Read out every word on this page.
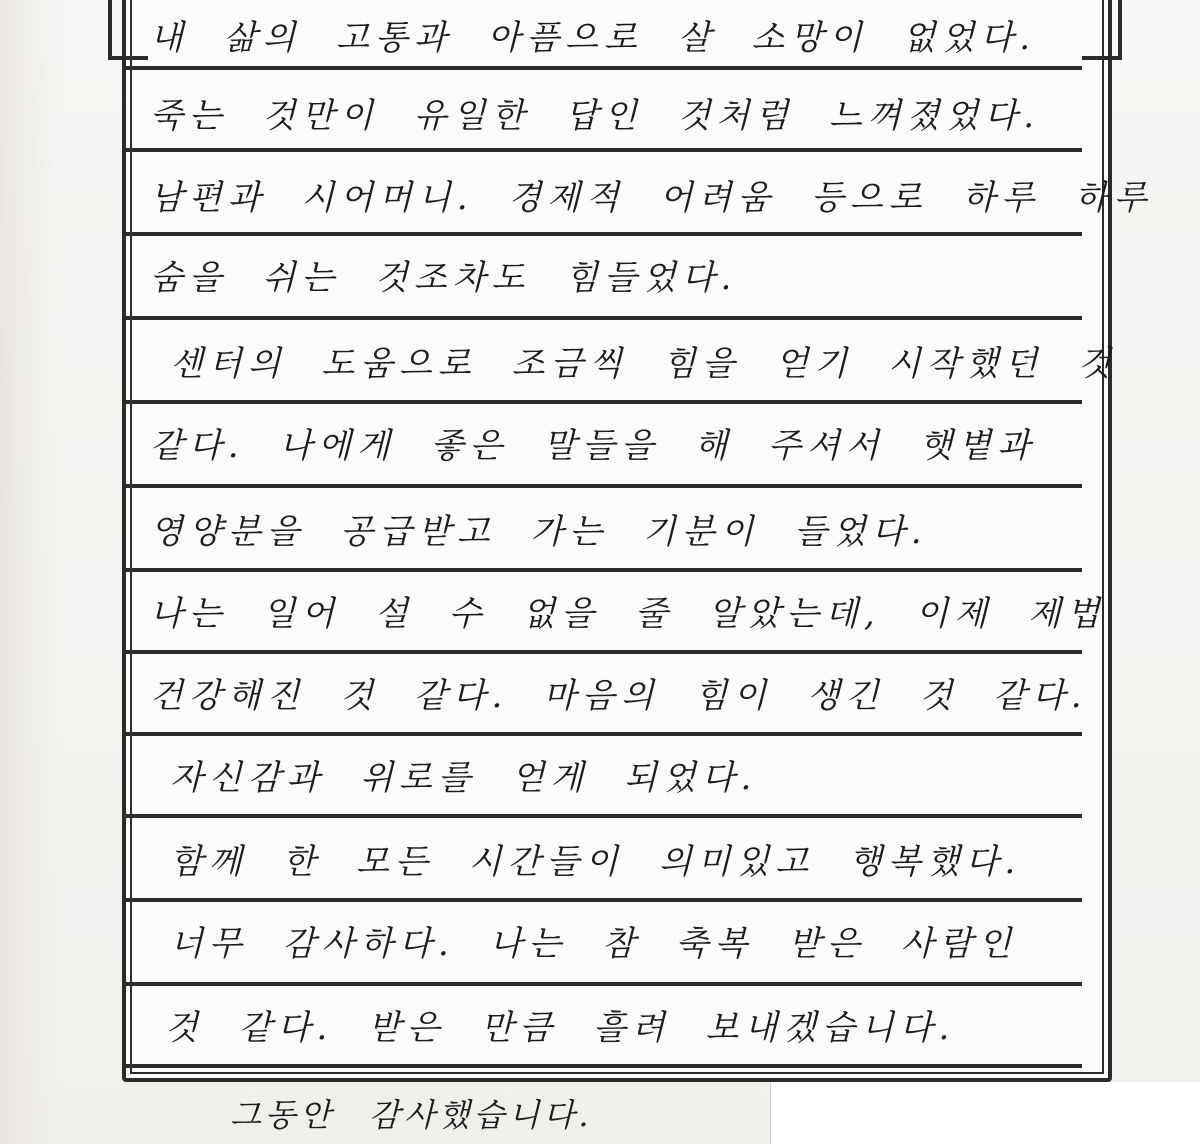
내 삶의 고통과 아픔으로 살 소망이 없었다.
죽는 것만이 유일한 답인 것처럼 느껴졌었다.
남편과 시어머니. 경제적 어려움 등으로 하루 하루
숨을 쉬는 것조차도 힘들었다.
센터의 도움으로 조금씩 힘을 얻기 시작했던 것
같다. 나에게 좋은 말들을 해 주셔서 햇볕과
영양분을 공급받고 가는 기분이 들었다.
나는 일어 설 수 없을 줄 알았는데, 이제 제법
건강해진 것 같다. 마음의 힘이 생긴 것 같다.
자신감과 위로를 얻게 되었다.
함께 한 모든 시간들이 의미있고 행복했다.
너무 감사하다. 나는 참 축복 받은 사람인
것 같다. 받은 만큼 흘려 보내겠습니다.
그동안 감사했습니다.
